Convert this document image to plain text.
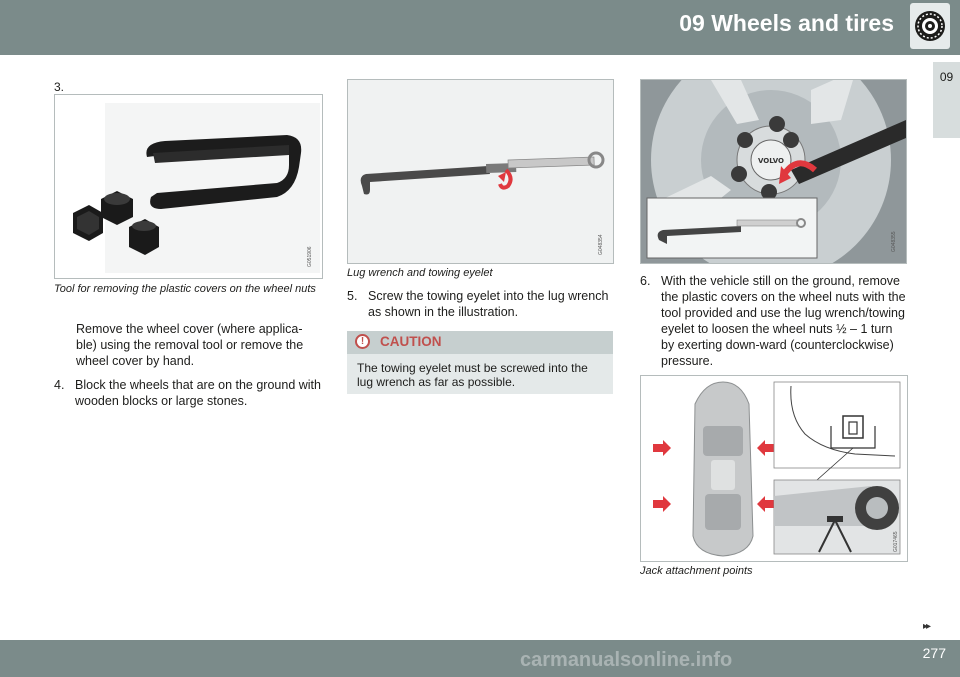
09 Wheels and tires
09
3.
G051906
Tool for removing the plastic covers on the wheel nuts
Remove the wheel cover (where applica-ble) using the removal tool or remove the wheel cover by hand.
4. Block the wheels that are on the ground with wooden blocks or large stones.
G048354
Lug wrench and towing eyelet
5. Screw the towing eyelet into the lug wrench as shown in the illustration.
!	CAUTION
The towing eyelet must be screwed into the lug wrench as far as possible.
VOLVO
G048355
6. With the vehicle still on the ground, remove the plastic covers on the wheel nuts with the tool provided and use the lug wrench/towing eyelet to loosen the wheel nuts ½ – 1 turn by exerting down-ward (counterclockwise) pressure.
G017465
Jack attachment points
▸▸
carmanualsonline.info	277
